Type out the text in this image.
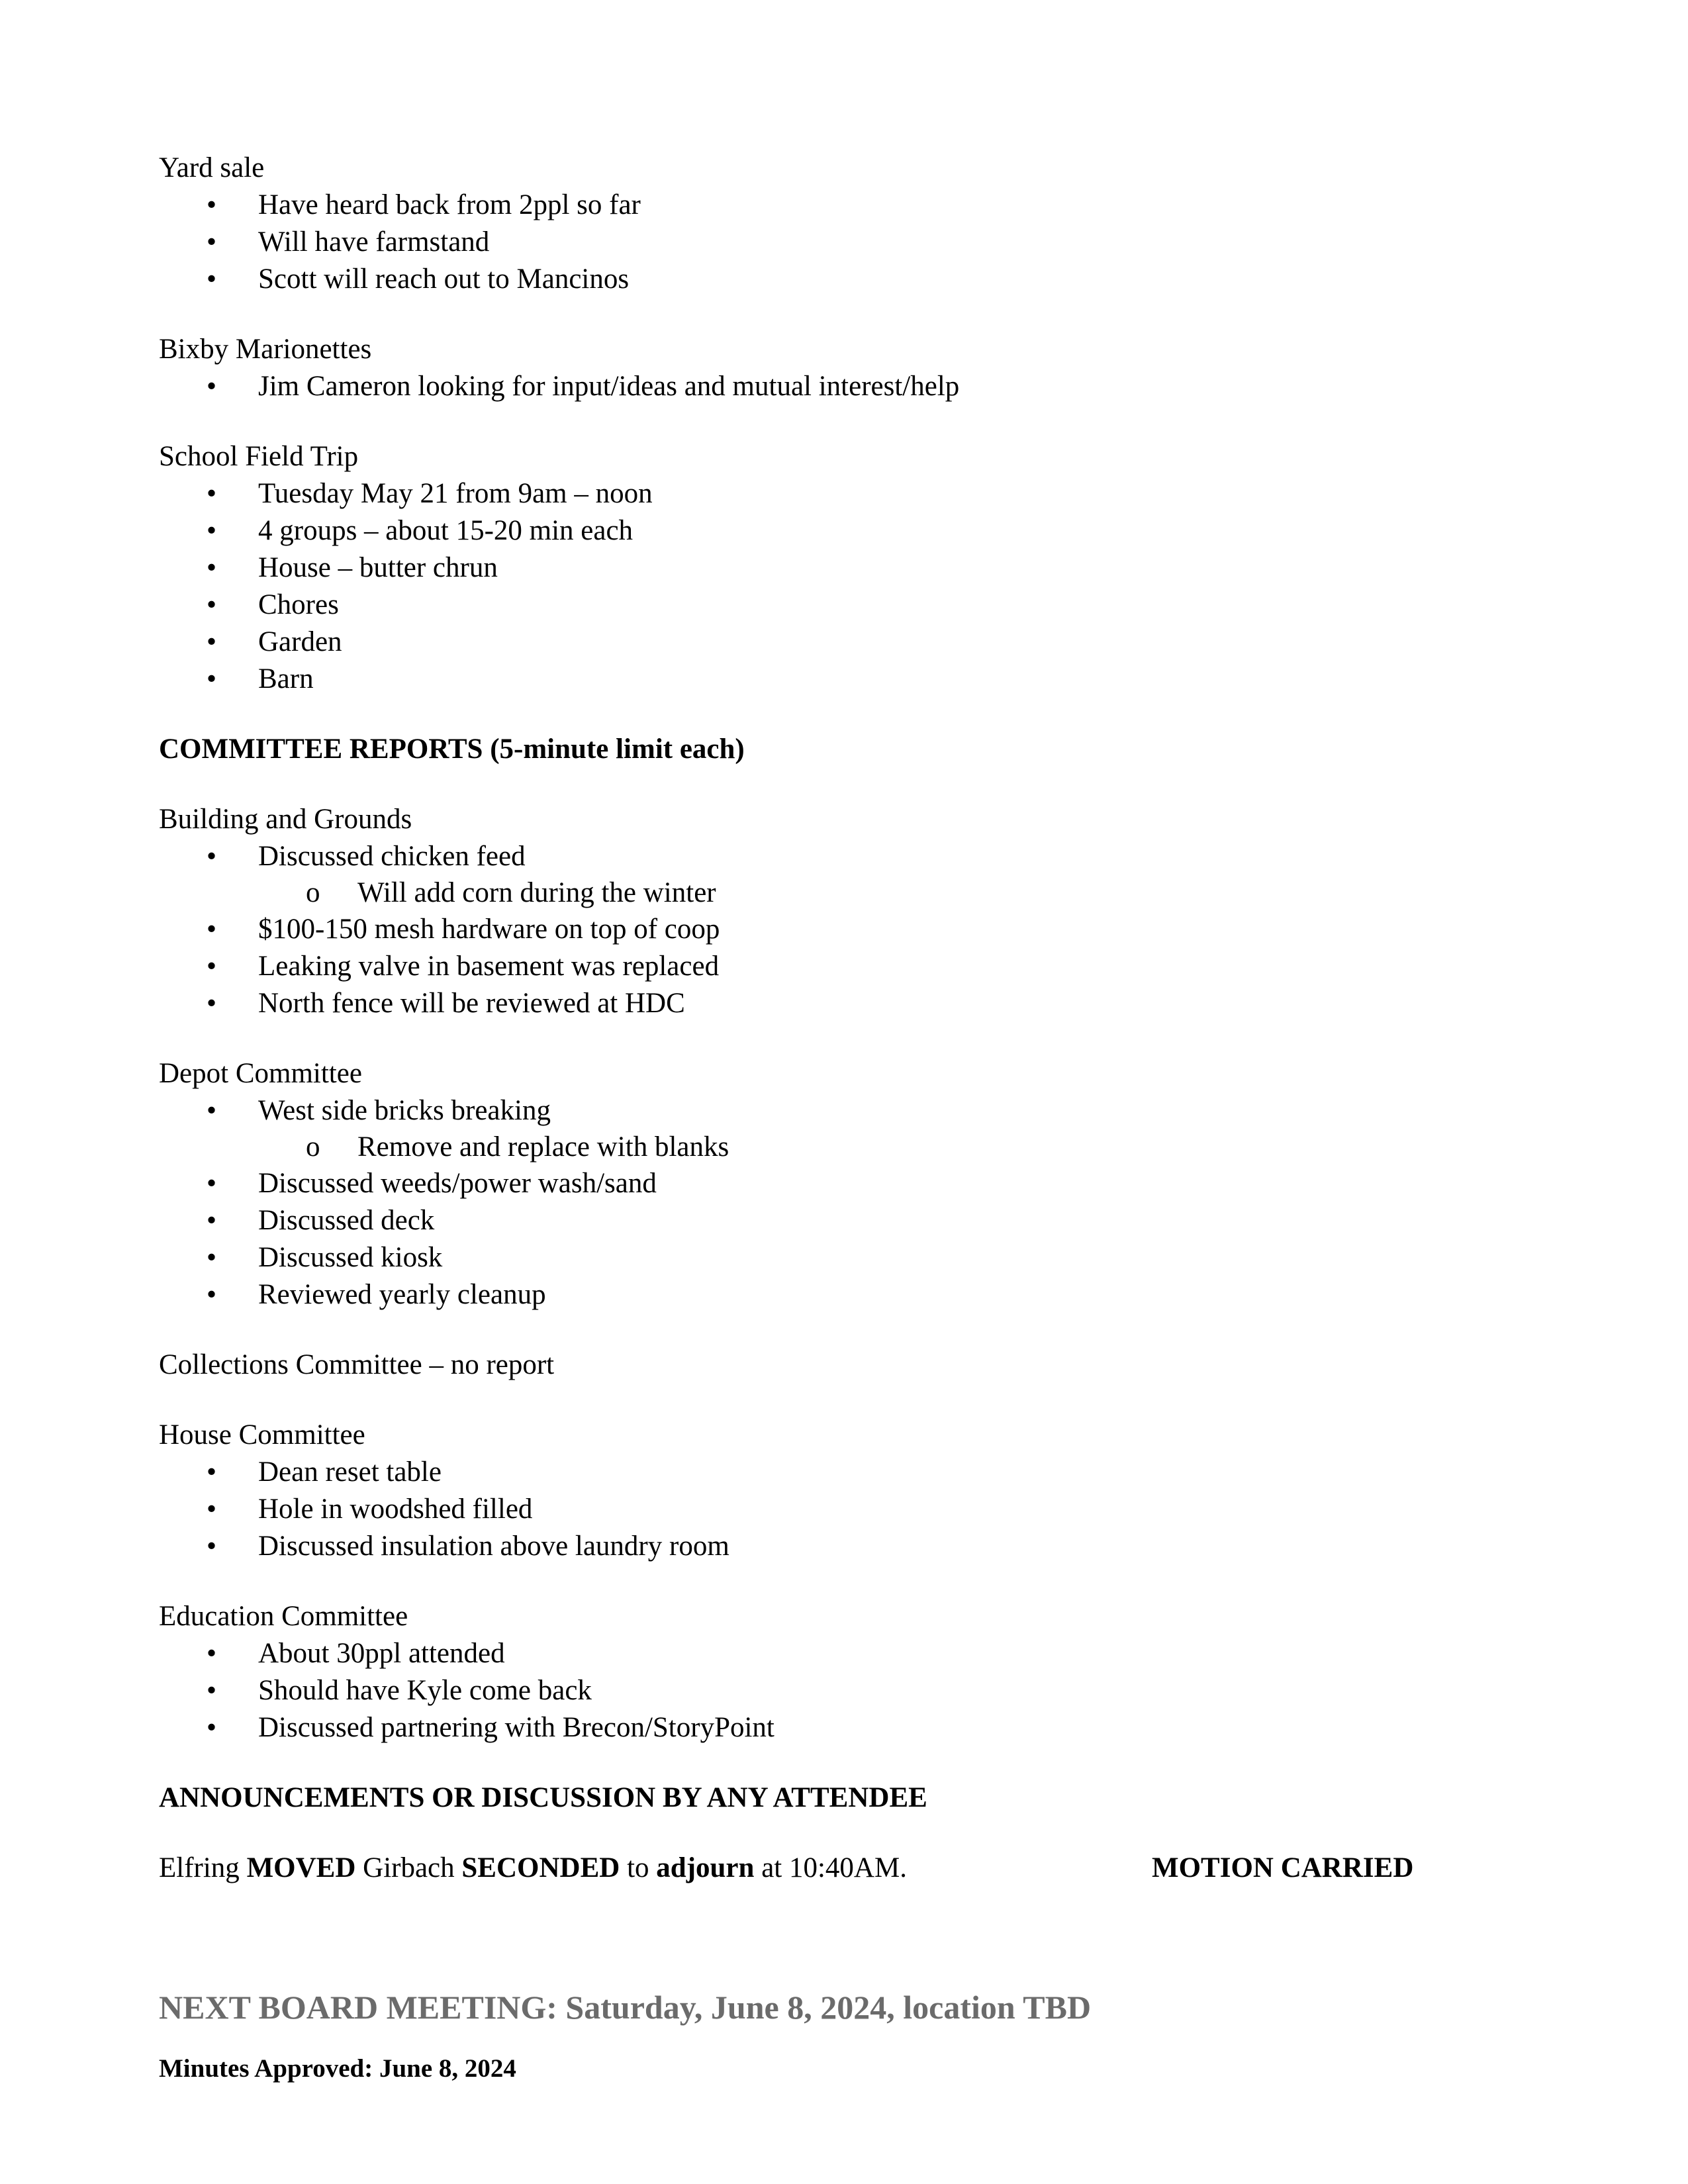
Yard sale

• Have heard back from 2ppl so far
• Will have farmstand
• Scott will reach out to Mancinos

Bixby Marionettes

• Jim Cameron looking for input/ideas and mutual interest/help

School Field Trip

• Tuesday May 21 from 9am – noon
• 4 groups – about 15-20 min each
• House – butter chrun
• Chores
• Garden
• Barn

COMMITTEE REPORTS (5-minute limit each)

Building and Grounds

• Discussed chicken feed
o Will add corn during the winter
• $100-150 mesh hardware on top of coop
• Leaking valve in basement was replaced
• North fence will be reviewed at HDC

Depot Committee

• West side bricks breaking
o Remove and replace with blanks
• Discussed weeds/power wash/sand
• Discussed deck
• Discussed kiosk
• Reviewed yearly cleanup

Collections Committee – no report

House Committee

• Dean reset table
• Hole in woodshed filled
• Discussed insulation above laundry room

Education Committee

• About 30ppl attended
• Should have Kyle come back
• Discussed partnering with Brecon/StoryPoint

ANNOUNCEMENTS OR DISCUSSION BY ANY ATTENDEE

Elfring MOVED Girbach SECONDED to adjourn at 10:40AM.	MOTION CARRIED

NEXT BOARD MEETING: Saturday, June 8, 2024, location TBD

Minutes Approved: June 8, 2024
